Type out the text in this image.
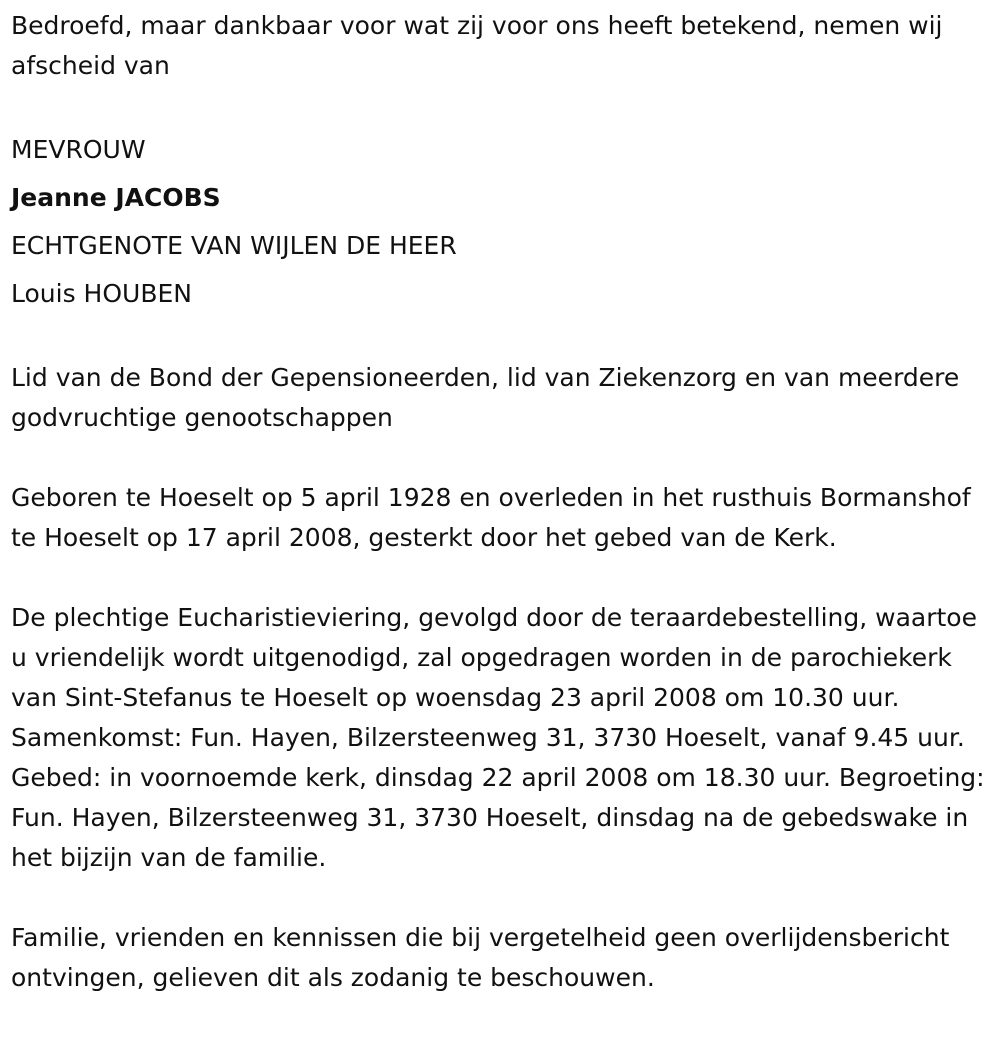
Bedroefd, maar dankbaar voor wat zij voor ons heeft betekend, nemen wij afscheid van

MEVROUW
Jeanne JACOBS
ECHTGENOTE VAN WIJLEN DE HEER
Louis HOUBEN

Lid van de Bond der Gepensioneerden, lid van Ziekenzorg en van meerdere godvruchtige genootschappen

Geboren te Hoeselt op 5 april 1928 en overleden in het rusthuis Bormanshof te Hoeselt op 17 april 2008, gesterkt door het gebed van de Kerk.

De plechtige Eucharistieviering, gevolgd door de teraardebestelling, waartoe u vriendelijk wordt uitgenodigd, zal opgedragen worden in de parochiekerk van Sint-Stefanus te Hoeselt op woensdag 23 april 2008 om 10.30 uur. Samenkomst: Fun. Hayen, Bilzersteenweg 31, 3730 Hoeselt, vanaf 9.45 uur. Gebed: in voornoemde kerk, dinsdag 22 april 2008 om 18.30 uur. Begroeting: Fun. Hayen, Bilzersteenweg 31, 3730 Hoeselt, dinsdag na de gebedswake in het bijzijn van de familie.

Familie, vrienden en kennissen die bij vergetelheid geen overlijdensbericht ontvingen, gelieven dit als zodanig te beschouwen.
